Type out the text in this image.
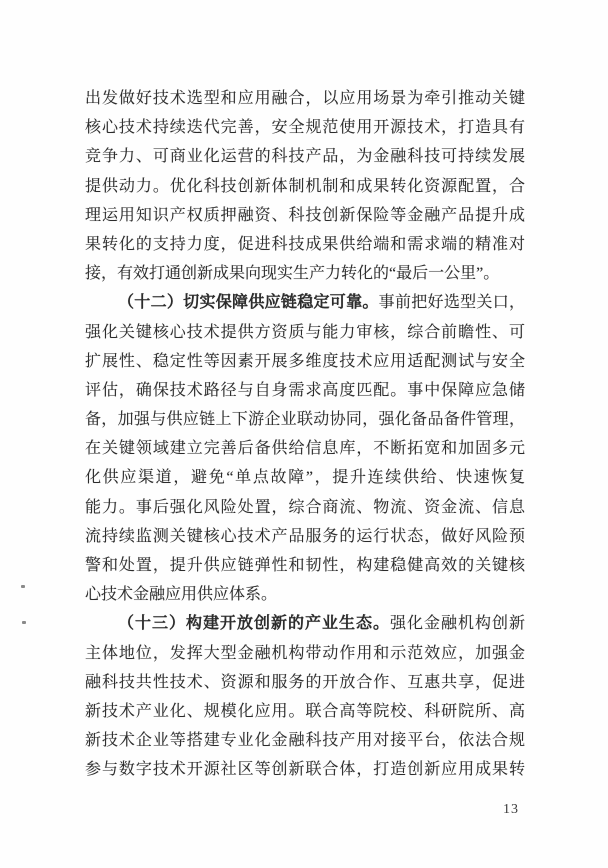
出发做好技术选型和应用融合，以应用场景为牵引推动关键
核心技术持续迭代完善，安全规范使用开源技术，打造具有
竞争力、可商业化运营的科技产品，为金融科技可持续发展
提供动力。优化科技创新体制机制和成果转化资源配置，合
理运用知识产权质押融资、科技创新保险等金融产品提升成
果转化的支持力度，促进科技成果供给端和需求端的精准对
接，有效打通创新成果向现实生产力转化的“最后一公里”。
（十二）切实保障供应链稳定可靠。事前把好选型关口，
强化关键核心技术提供方资质与能力审核，综合前瞻性、可
扩展性、稳定性等因素开展多维度技术应用适配测试与安全
评估，确保技术路径与自身需求高度匹配。事中保障应急储
备，加强与供应链上下游企业联动协同，强化备品备件管理，
在关键领域建立完善后备供给信息库，不断拓宽和加固多元
化供应渠道，避免“单点故障”，提升连续供给、快速恢复
能力。事后强化风险处置，综合商流、物流、资金流、信息
流持续监测关键核心技术产品服务的运行状态，做好风险预
警和处置，提升供应链弹性和韧性，构建稳健高效的关键核
心技术金融应用供应体系。
（十三）构建开放创新的产业生态。强化金融机构创新
主体地位，发挥大型金融机构带动作用和示范效应，加强金
融科技共性技术、资源和服务的开放合作、互惠共享，促进
新技术产业化、规模化应用。联合高等院校、科研院所、高
新技术企业等搭建专业化金融科技产用对接平台，依法合规
参与数字技术开源社区等创新联合体，打造创新应用成果转
13
